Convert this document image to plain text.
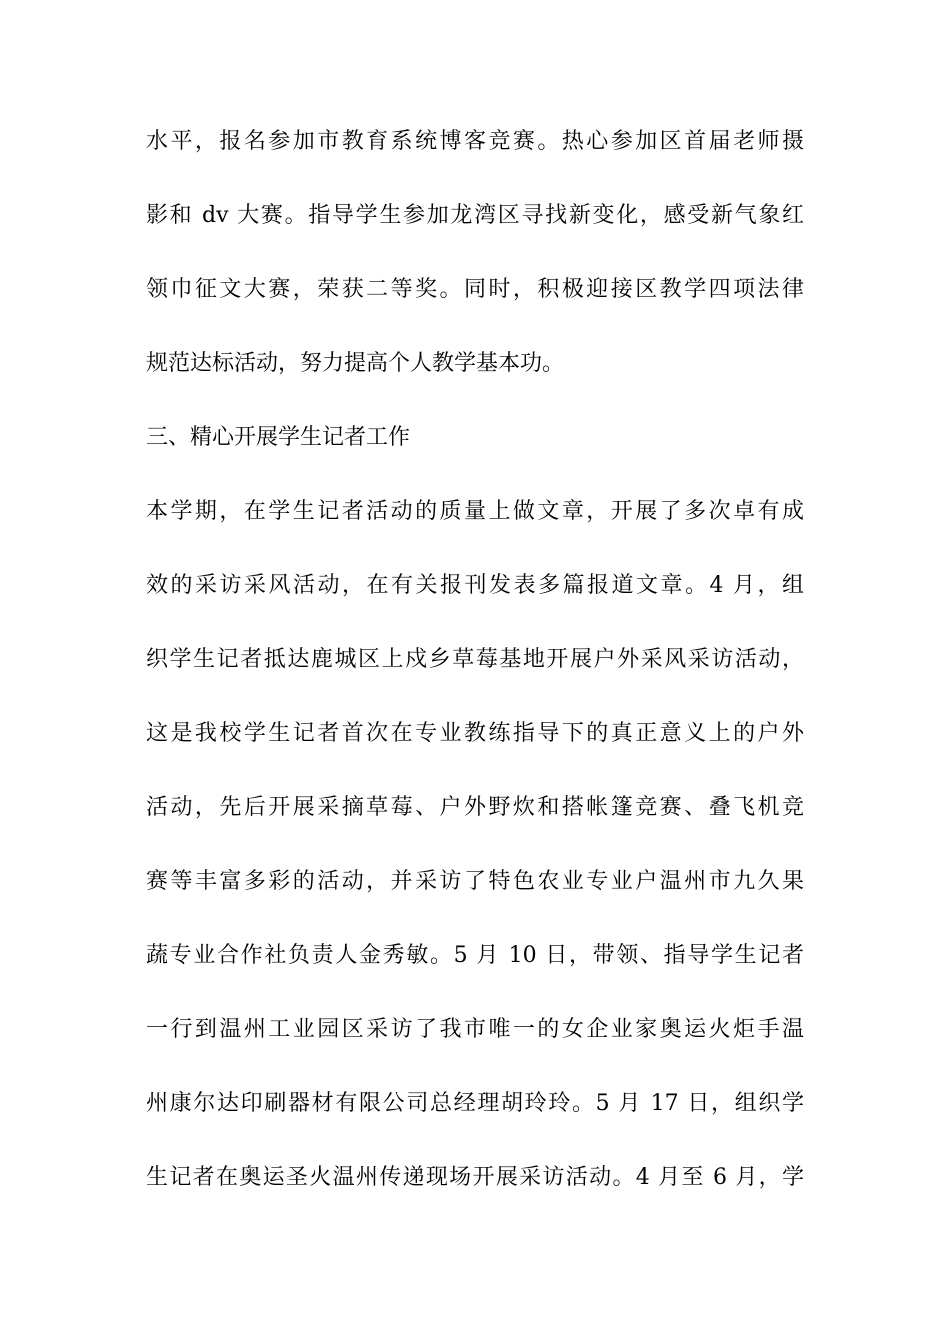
水平，报名参加市教育系统博客竞赛。热心参加区首届老师摄

影和 dv 大赛。指导学生参加龙湾区寻找新变化，感受新气象红

领巾征文大赛，荣获二等奖。同时，积极迎接区教学四项法律

规范达标活动，努力提高个人教学基本功。

三、精心开展学生记者工作

本学期，在学生记者活动的质量上做文章，开展了多次卓有成

效的采访采风活动，在有关报刊发表多篇报道文章。4 月，组

织学生记者抵达鹿城区上戍乡草莓基地开展户外采风采访活动，

这是我校学生记者首次在专业教练指导下的真正意义上的户外

活动，先后开展采摘草莓、户外野炊和搭帐篷竞赛、叠飞机竞

赛等丰富多彩的活动，并采访了特色农业专业户温州市九久果

蔬专业合作社负责人金秀敏。5 月 10 日，带领、指导学生记者

一行到温州工业园区采访了我市唯一的女企业家奥运火炬手温

州康尔达印刷器材有限公司总经理胡玲玲。5 月 17 日，组织学

生记者在奥运圣火温州传递现场开展采访活动。4 月至 6 月，学
